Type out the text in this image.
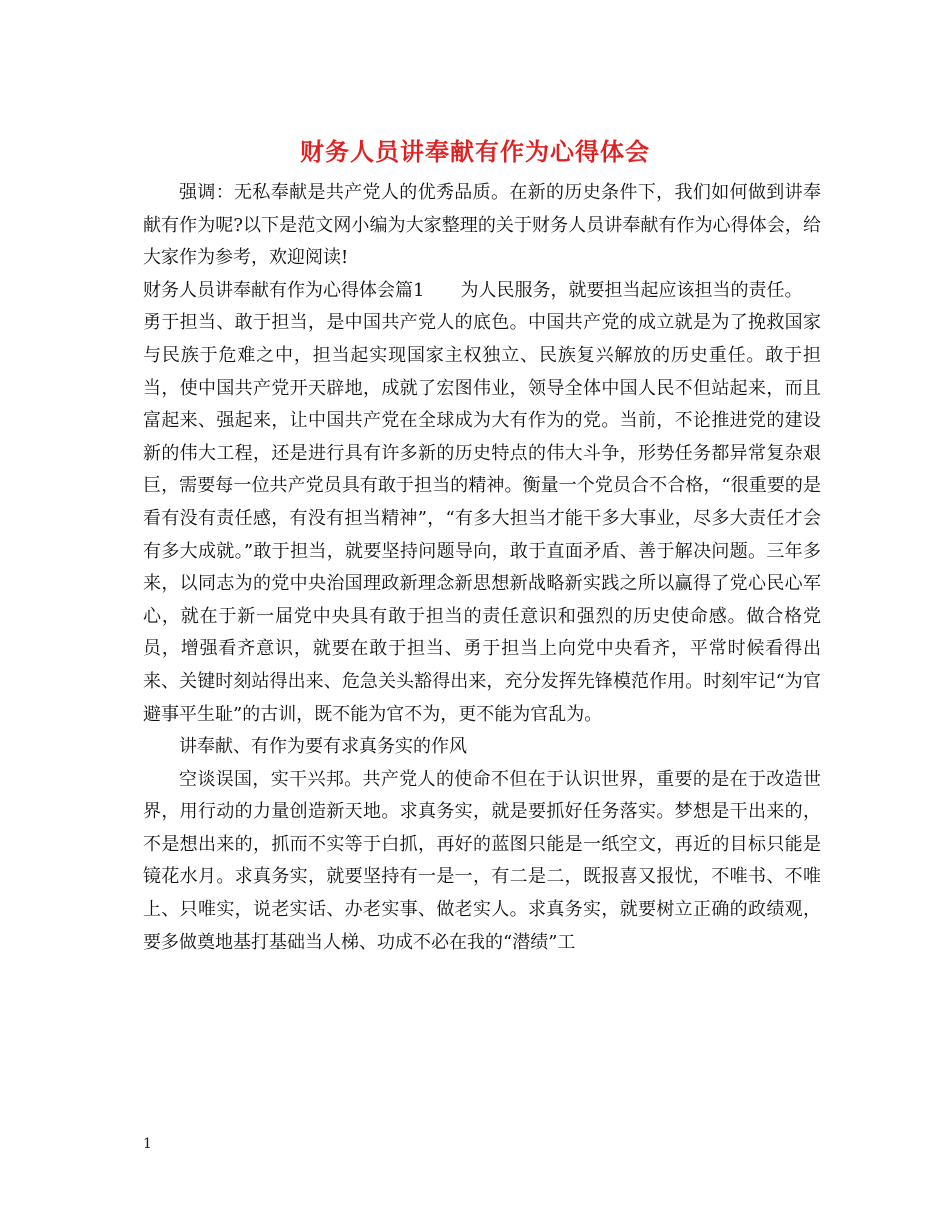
财务人员讲奉献有作为心得体会

强调：无私奉献是共产党人的优秀品质。在新的历史条件下，我们如何做到讲奉献有作为呢?以下是范文网小编为大家整理的关于财务人员讲奉献有作为心得体会，给大家作为参考，欢迎阅读!

财务人员讲奉献有作为心得体会篇1 为人民服务，就要担当起应该担当的责任。

勇于担当、敢于担当，是中国共产党人的底色。中国共产党的成立就是为了挽救国家与民族于危难之中，担当起实现国家主权独立、民族复兴解放的历史重任。敢于担当，使中国共产党开天辟地，成就了宏图伟业，领导全体中国人民不但站起来，而且富起来、强起来，让中国共产党在全球成为大有作为的党。当前，不论推进党的建设新的伟大工程，还是进行具有许多新的历史特点的伟大斗争，形势任务都异常复杂艰巨，需要每一位共产党员具有敢于担当的精神。衡量一个党员合不合格，“很重要的是看有没有责任感，有没有担当精神”，“有多大担当才能干多大事业，尽多大责任才会有多大成就。”敢于担当，就要坚持问题导向，敢于直面矛盾、善于解决问题。三年多来，以同志为的党中央治国理政新理念新思想新战略新实践之所以赢得了党心民心军心，就在于新一届党中央具有敢于担当的责任意识和强烈的历史使命感。做合格党员，增强看齐意识，就要在敢于担当、勇于担当上向党中央看齐，平常时候看得出来、关键时刻站得出来、危急关头豁得出来，充分发挥先锋模范作用。时刻牢记“为官避事平生耻”的古训，既不能为官不为，更不能为官乱为。

讲奉献、有作为要有求真务实的作风

空谈误国，实干兴邦。共产党人的使命不但在于认识世界，重要的是在于改造世界，用行动的力量创造新天地。求真务实，就是要抓好任务落实。梦想是干出来的，不是想出来的，抓而不实等于白抓，再好的蓝图只能是一纸空文，再近的目标只能是镜花水月。求真务实，就要坚持有一是一，有二是二，既报喜又报忧，不唯书、不唯上、只唯实，说老实话、办老实事、做老实人。求真务实，就要树立正确的政绩观，要多做奠地基打基础当人梯、功成不必在我的“潜绩”工

1
